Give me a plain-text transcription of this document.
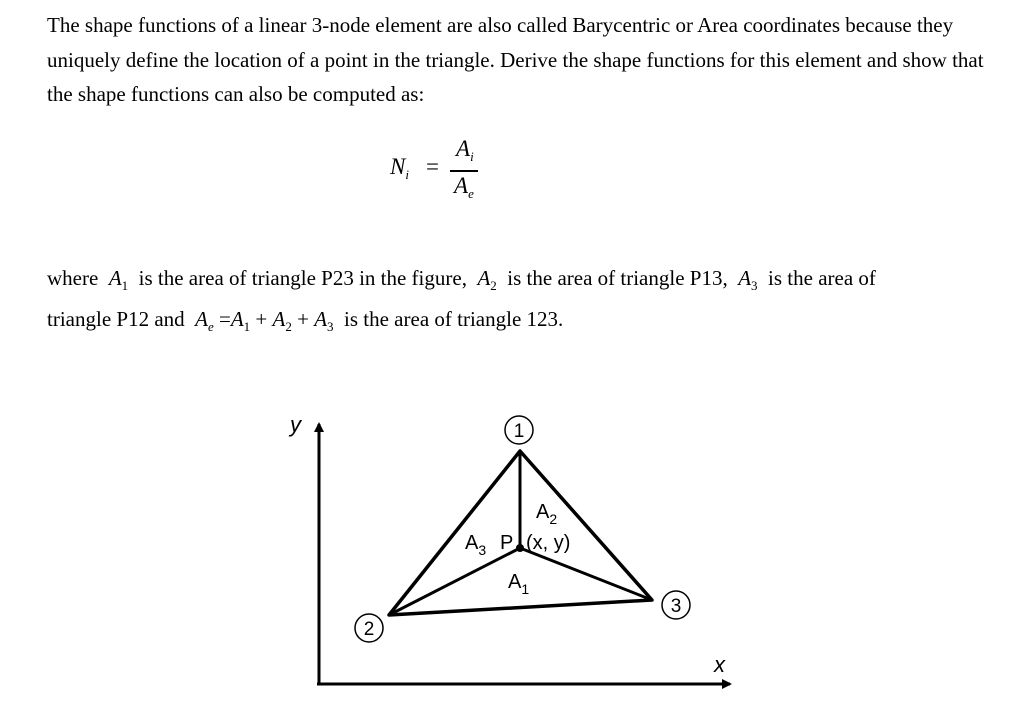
The shape functions of a linear 3-node element are also called Barycentric or Area coordinates because they uniquely define the location of a point in the triangle. Derive the shape functions for this element and show that the shape functions can also be computed as:
$N_i$ =
$A_i$
$A_e$
where $A_1$ is the area of triangle P23 in the figure, $A_2$ is the area of triangle P13, $A_3$ is the area of
triangle P12 and $A_e =A_1 + A_2 + A_3$ is the area of triangle 123.
y
x
1
2
3
$A_2$
$A_3$ P (x, y)
$A_1$
